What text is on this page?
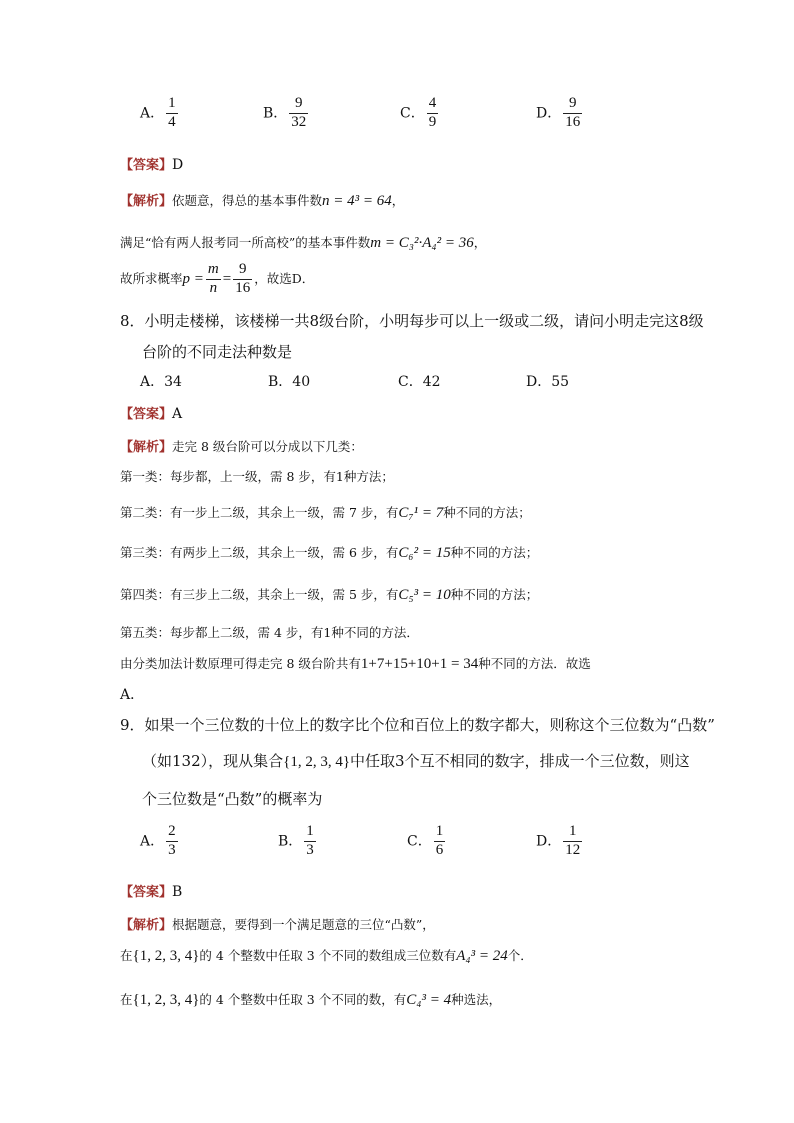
A． $\frac{1}{4}$	B． $\frac{9}{32}$	C． $\frac{4}{9}$	D． $\frac{9}{16}$
【答案】D
【解析】依题意，得总的基本事件数n = 4³ = 64，
满足“恰有两人报考同一所高校”的基本事件数m = C₃²·A₄² = 36，
故所求概率$p = \frac{m}{n} = \frac{9}{16}$ ，故选D．
8．小明走楼梯，该楼梯一共8级台阶，小明每步可以上一级或二级，请问小明走完这8级
台阶的不同走法种数是
A．34	B．40	C．42	D．55
【答案】A
【解析】走完 8 级台阶可以分成以下几类：
第一类：每步都，上一级，需 8 步，有1种方法；
第二类：有一步上二级，其余上一级，需 7 步，有C₇¹ = 7种不同的方法；
第三类：有两步上二级，其余上一级，需 6 步，有C₆² = 15种不同的方法；
第四类：有三步上二级，其余上一级，需 5 步，有C₅³ = 10种不同的方法；
第五类：每步都上二级，需 4 步，有1种不同的方法．
由分类加法计数原理可得走完 8 级台阶共有1+7+15+10+1 = 34种不同的方法．故选
A．
9．如果一个三位数的十位上的数字比个位和百位上的数字都大，则称这个三位数为“凸数”
（如132），现从集合{1, 2, 3, 4}中任取3个互不相同的数字，排成一个三位数，则这
个三位数是“凸数”的概率为
A． $\frac{2}{3}$	B． $\frac{1}{3}$	C． $\frac{1}{6}$	D． $\frac{1}{12}$
【答案】B
【解析】根据题意，要得到一个满足题意的三位“凸数”，
在{1, 2, 3, 4}的 4 个整数中任取 3 个不同的数组成三位数有A₄³ = 24个．
在{1, 2, 3, 4}的 4 个整数中任取 3 个不同的数，有C₄³ = 4种选法，
